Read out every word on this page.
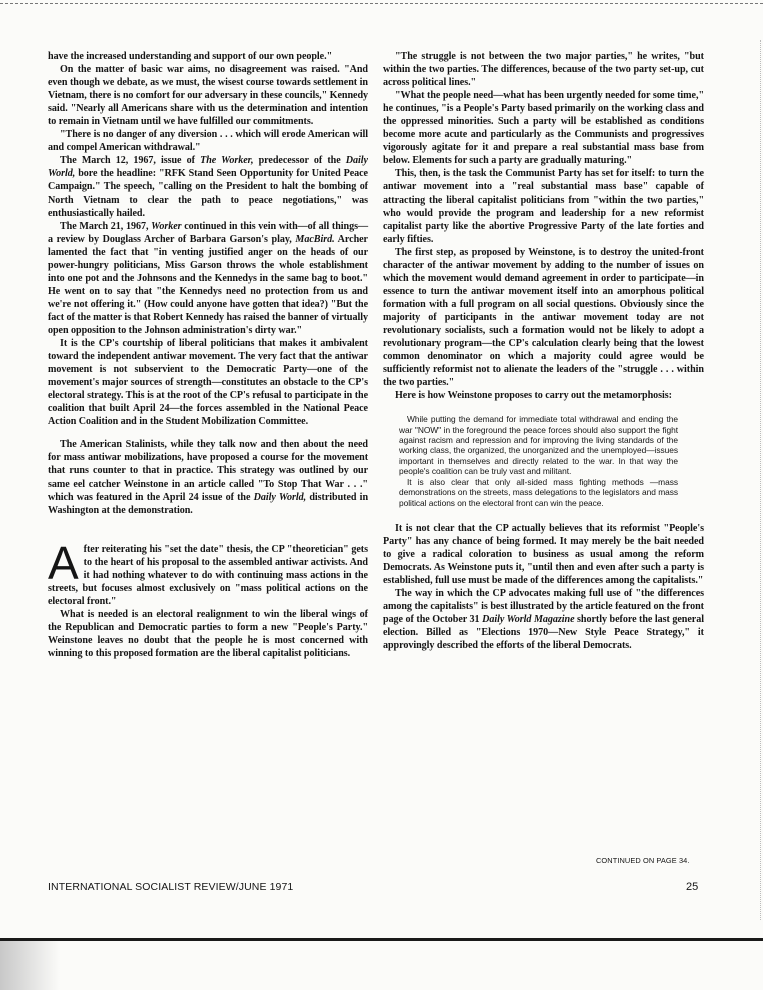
have the increased understanding and support of our own people."

On the matter of basic war aims, no disagreement was raised. "And even though we debate, as we must, the wisest course towards settlement in Vietnam, there is no comfort for our adversary in these councils," Kennedy said. "Nearly all Americans share with us the determination and intention to remain in Vietnam until we have fulfilled our commitments.

"There is no danger of any diversion . . . which will erode American will and compel American withdrawal."

The March 12, 1967, issue of The Worker, predecessor of the Daily World, bore the headline: "RFK Stand Seen Opportunity for United Peace Campaign." The speech, "calling on the President to halt the bombing of North Vietnam to clear the path to peace negotiations," was enthusiastically hailed.

The March 21, 1967, Worker continued in this vein with—of all things—a review by Douglass Archer of Barbara Garson's play, MacBird. Archer lamented the fact that "in venting justified anger on the heads of our power-hungry politicians, Miss Garson throws the whole establishment into one pot and the Johnsons and the Kennedys in the same bag to boot." He went on to say that "the Kennedys need no protection from us and we're not offering it." (How could anyone have gotten that idea?) "But the fact of the matter is that Robert Kennedy has raised the banner of virtually open opposition to the Johnson administration's dirty war."

It is the CP's courtship of liberal politicians that makes it ambivalent toward the independent antiwar movement. The very fact that the antiwar movement is not subservient to the Democratic Party—one of the movement's major sources of strength—constitutes an obstacle to the CP's electoral strategy. This is at the root of the CP's refusal to participate in the coalition that built April 24—the forces assembled in the National Peace Action Coalition and in the Student Mobilization Committee.

The American Stalinists, while they talk now and then about the need for mass antiwar mobilizations, have proposed a course for the movement that runs counter to that in practice. This strategy was outlined by our same eel catcher Weinstone in an article called "To Stop That War . . ." which was featured in the April 24 issue of the Daily World, distributed in Washington at the demonstration.

After reiterating his "set the date" thesis, the CP "theoretician" gets to the heart of his proposal to the assembled antiwar activists. And it had nothing whatever to do with continuing mass actions in the streets, but focuses almost exclusively on "mass political actions on the electoral front."

What is needed is an electoral realignment to win the liberal wings of the Republican and Democratic parties to form a new "People's Party." Weinstone leaves no doubt that the people he is most concerned with winning to this proposed formation are the liberal capitalist politicians.

"The struggle is not between the two major parties," he writes, "but within the two parties. The differences, because of the two party set-up, cut across political lines."

"What the people need—what has been urgently needed for some time," he continues, "is a People's Party based primarily on the working class and the oppressed minorities. Such a party will be established as conditions become more acute and particularly as the Communists and progressives vigorously agitate for it and prepare a real substantial mass base from below. Elements for such a party are gradually maturing."

This, then, is the task the Communist Party has set for itself: to turn the antiwar movement into a "real substantial mass base" capable of attracting the liberal capitalist politicians from "within the two parties," who would provide the program and leadership for a new reformist capitalist party like the abortive Progressive Party of the late forties and early fifties.

The first step, as proposed by Weinstone, is to destroy the united-front character of the antiwar movement by adding to the number of issues on which the movement would demand agreement in order to participate—in essence to turn the antiwar movement itself into an amorphous political formation with a full program on all social questions. Obviously since the majority of participants in the antiwar movement today are not revolutionary socialists, such a formation would not be likely to adopt a revolutionary program—the CP's calculation clearly being that the lowest common denominator on which a majority could agree would be sufficiently reformist not to alienate the leaders of the "struggle . . . within the two parties."

Here is how Weinstone proposes to carry out the metamorphosis:

While putting the demand for immediate total withdrawal and ending the war "NOW" in the foreground the peace forces should also support the fight against racism and repression and for improving the living standards of the working class, the organized, the unorganized and the unemployed—issues important in themselves and directly related to the war. In that way the people's coalition can be truly vast and militant.

It is also clear that only all-sided mass fighting methods —mass demonstrations on the streets, mass delegations to the legislators and mass political actions on the electoral front can win the peace.

It is not clear that the CP actually believes that its reformist "People's Party" has any chance of being formed. It may merely be the bait needed to give a radical coloration to business as usual among the reform Democrats. As Weinstone puts it, "until then and even after such a party is established, full use must be made of the differences among the capitalists."

The way in which the CP advocates making full use of "the differences among the capitalists" is best illustrated by the article featured on the front page of the October 31 Daily World Magazine shortly before the last general election. Billed as "Elections 1970—New Style Peace Strategy," it approvingly described the efforts of the liberal Democrats.

CONTINUED ON PAGE 34.
INTERNATIONAL SOCIALIST REVIEW/JUNE 1971	25
